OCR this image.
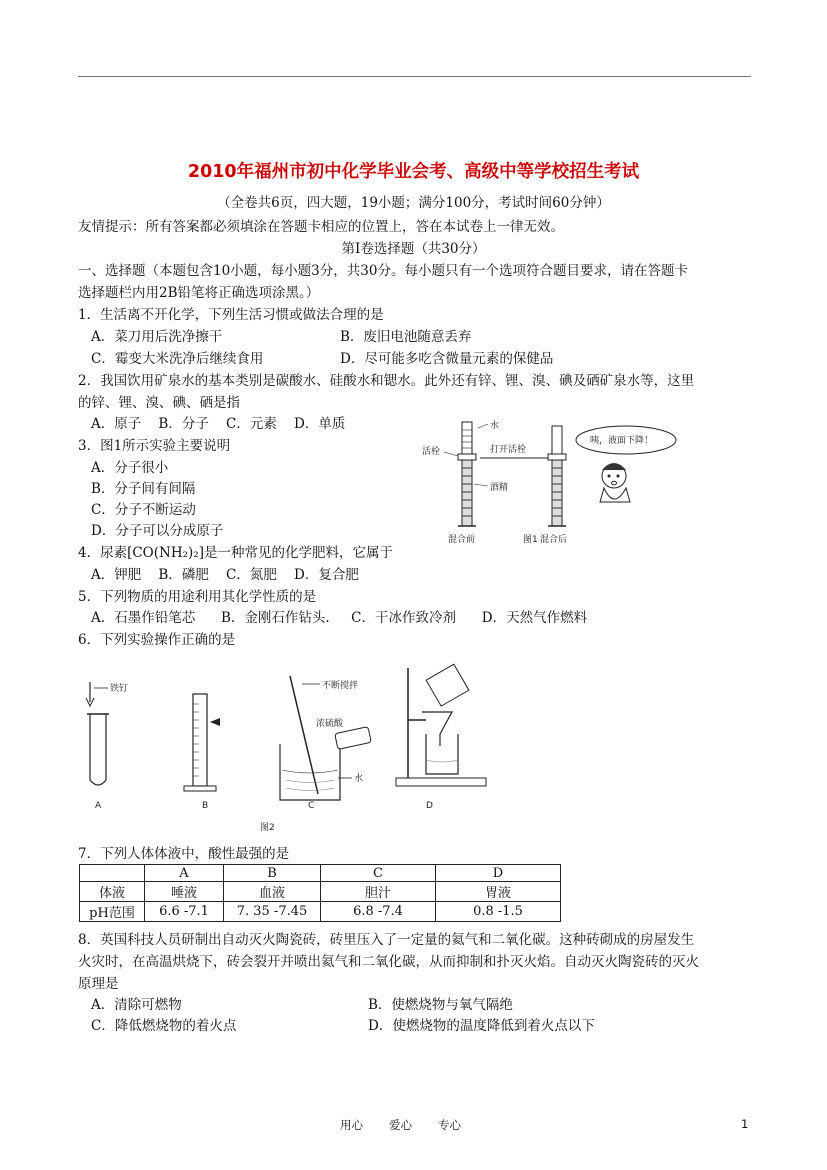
2010年福州市初中化学毕业会考、高级中等学校招生考试
（全卷共6页，四大题，19小题；满分100分，考试时间60分钟）
友情提示：所有答案都必须填涂在答题卡相应的位置上，答在本试卷上一律无效。
第Ⅰ卷选择题（共30分）
一、选择题（本题包含10小题，每小题3分，共30分。每小题只有一个选项符合题目要求，请在答题卡
选择题栏内用2B铅笔将正确选项涂黑。）
1．生活离不开化学，下列生活习惯或做法合理的是
A．菜刀用后洗净擦干	B．废旧电池随意丢弃
C．霉变大米洗净后继续食用	D．尽可能多吃含微量元素的保健品
2．我国饮用矿泉水的基本类别是碳酸水、硅酸水和锶水。此外还有锌、锂、溴、碘及硒矿泉水等，这里
的锌、锂、溴、碘、硒是指
A．原子    B．分子    C．元素    D．单质
3．图1所示实验主要说明
A．分子很小
B．分子间有间隔
C．分子不断运动
D．分子可以分成原子
水
活栓
酒精
混合前
打开活栓
混合后
咦，液面下降！
图1
4．尿素[CO(NH₂)₂]是一种常见的化学肥料，它属于
A．钾肥    B．磷肥    C．氮肥    D．复合肥
5．下列物质的用途利用其化学性质的是
A．石墨作铅笔芯      B．金刚石作钻头.     C．干冰作致冷剂      D．天然气作燃料
6．下列实验操作正确的是
铁钉
A	B
不断搅拌
浓硫酸
水
C	D
图2
7．下列人体体液中，酸性最强的是
	A	B	C	D
体液	唾液	血液	胆汁	胃液
pH范围	6.6 -7.1	7. 35 -7.45	6.8 -7.4	0.8 -1.5
8．英国科技人员研制出自动灭火陶瓷砖，砖里压入了一定量的氦气和二氧化碳。这种砖砌成的房屋发生
火灾时，在高温烘烧下，砖会裂开并喷出氦气和二氧化碳，从而抑制和扑灭火焰。自动灭火陶瓷砖的灭火
原理是
A．清除可燃物	B．使燃烧物与氧气隔绝
C．降低燃烧物的着火点	D．使燃烧物的温度降低到着火点以下
用心 爱心 专心	1
